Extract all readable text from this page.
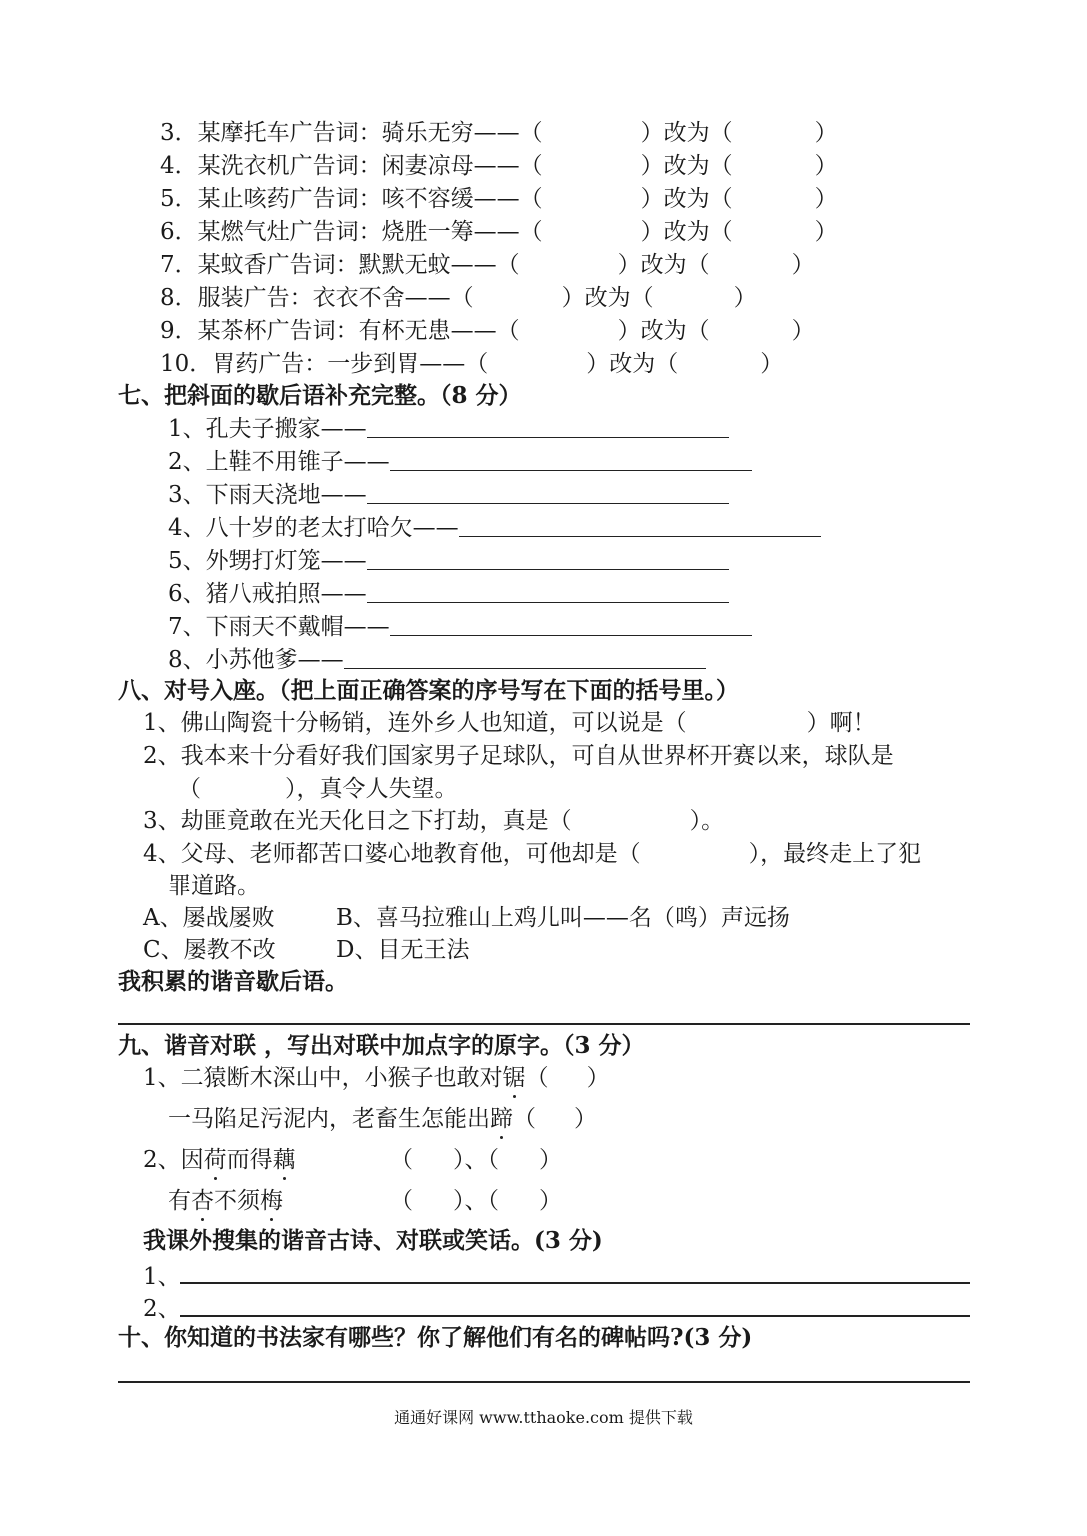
3．某摩托车广告词：骑乐无穷——（	）改为（	）
4．某洗衣机广告词：闲妻凉母——（	）改为（	）
5．某止咳药广告词：咳不容缓——（	）改为（	）
6．某燃气灶广告词：烧胜一筹——（	）改为（	）
7．某蚊香广告词：默默无蚊——（	）改为（	）
8．服装广告：衣衣不舍——（	）改为（	）
9．某茶杯广告词：有杯无患——（	）改为（	）
10．胃药广告：一步到胃——（	）改为（	）
七、把斜面的歇后语补充完整。（8 分）
1、孔夫子搬家——
2、上鞋不用锥子——
3、下雨天浇地——
4、八十岁的老太打哈欠——
5、外甥打灯笼——
6、猪八戒拍照——
7、下雨天不戴帽——
8、小苏他爹——
八、对号入座。（把上面正确答案的序号写在下面的括号里。）
1、佛山陶瓷十分畅销，连外乡人也知道，可以说是（	）啊！
2、我本来十分看好我们国家男子足球队，可自从世界杯开赛以来，球队是
（	），真令人失望。
3、劫匪竟敢在光天化日之下打劫，真是（	）。
4、父母、老师都苦口婆心地教育他，可他却是（	），最终走上了犯
罪道路。
A、屡战屡败	B、喜马拉雅山上鸡儿叫——名（鸣）声远扬
C、屡教不改	D、目无王法
我积累的谐音歇后语。
九、谐音对联 ，写出对联中加点字的原字。（3 分）
1、二猿断木深山中，小猴子也敢对锯（ ）
一马陷足污泥内，老畜生怎能出蹄（ ）
2、因荷而得藕	（ ）、（ ）
有杏不须梅	（ ）、（ ）
我课外搜集的谐音古诗、对联或笑话。(3 分)
1、
2、
十、你知道的书法家有哪些？你了解他们有名的碑帖吗?(3 分)
通通好课网 www.tthaoke.com 提供下载
